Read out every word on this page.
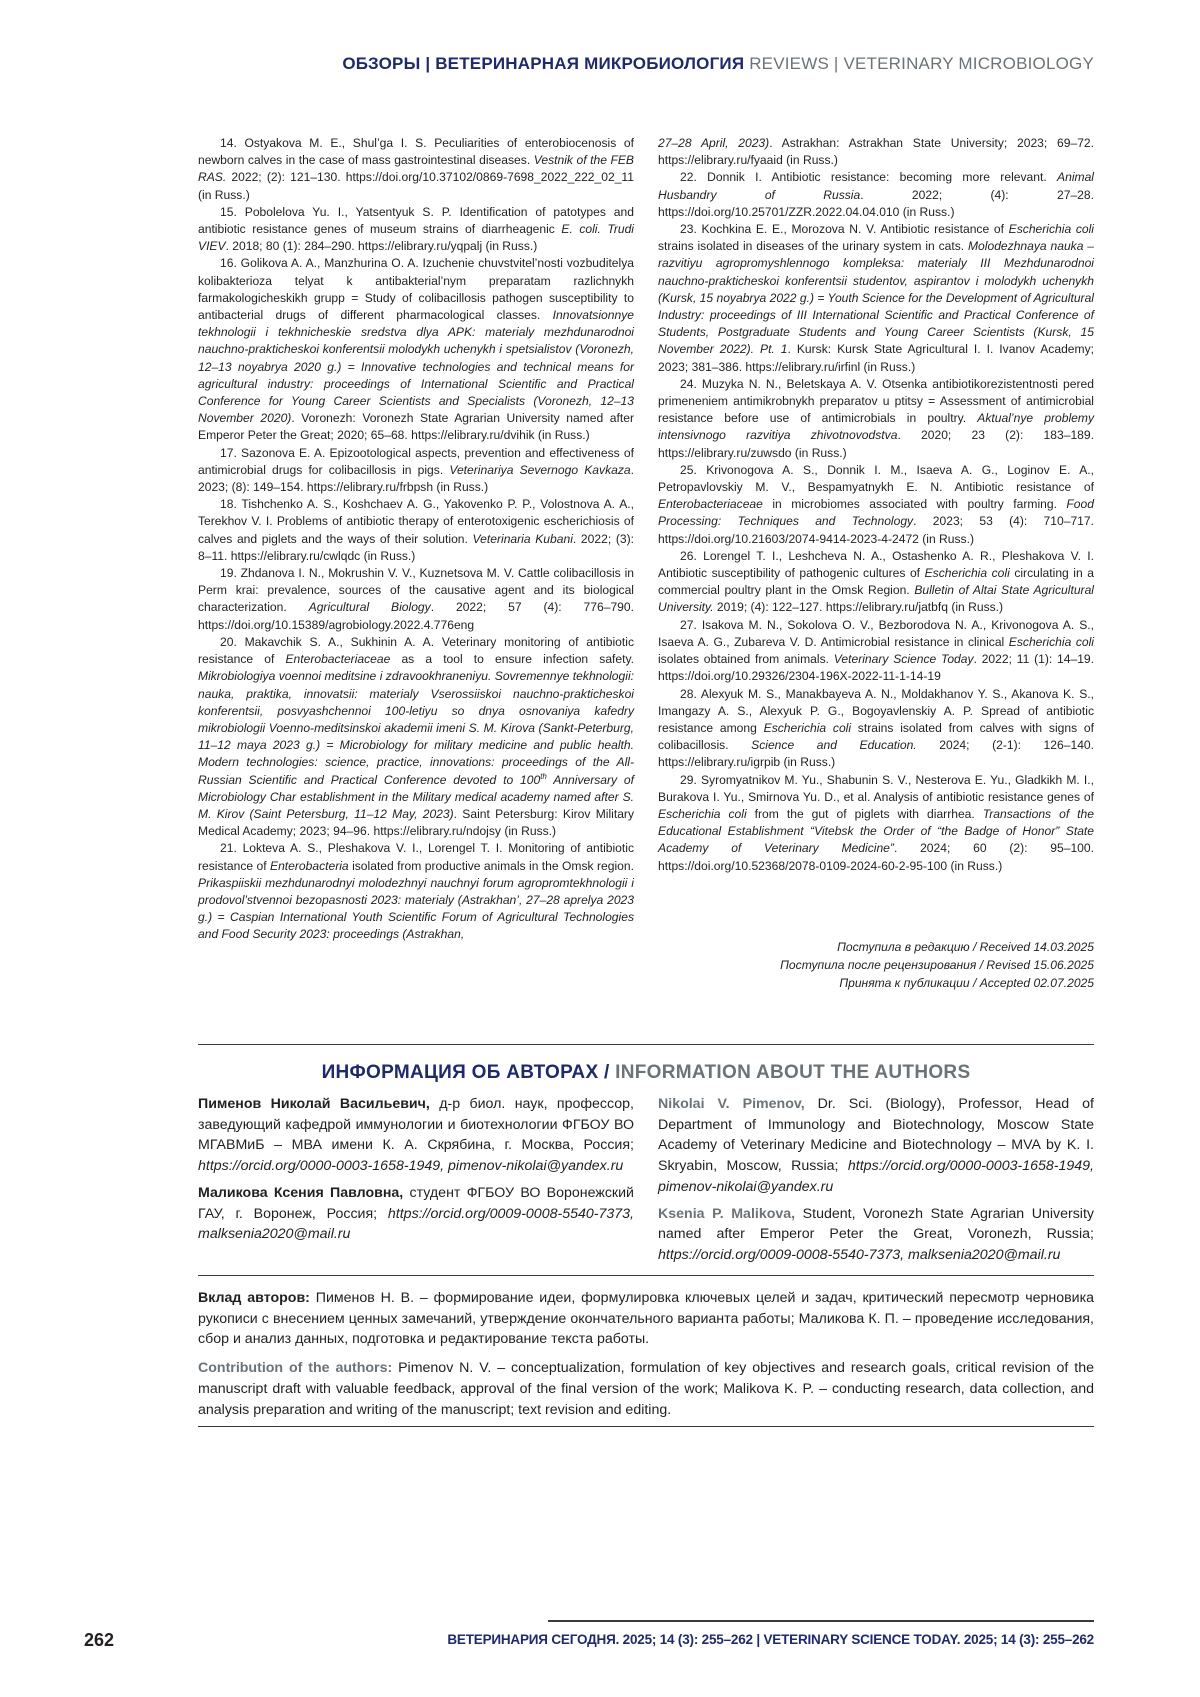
ОБЗОРЫ | ВЕТЕРИНАРНАЯ МИКРОБИОЛОГИЯ REVIEWS | VETERINARY MICROBIOLOGY

14. Ostyakova M. E., Shul’ga I. S. Peculiarities of enterobiocenosis of newborn calves in the case of mass gastrointestinal diseases. Vestnik of the FEB RAS. 2022; (2): 121–130. https://doi.org/10.37102/0869-7698_2022_222_02_11 (in Russ.)

15. Pobolelova Yu. I., Yatsentyuk S. P. Identification of patotypes and antibiotic resistance genes of museum strains of diarrheagenic E. coli. Trudi VIEV. 2018; 80 (1): 284–290. https://elibrary.ru/yqpalj (in Russ.)

16. Golikova A. A., Manzhurina O. A. Izuchenie chuvstvitel’nosti vozbuditelya kolibakterioza telyat k antibakterial’nym preparatam razlichnykh farmakologicheskikh grupp = Study of colibacillosis pathogen susceptibility to antibacterial drugs of different pharmacological classes. Innovatsionnye tekhnologii i tekhnicheskie sredstva dlya APK: materialy mezhdunarodnoi nauchno-prakticheskoi konferentsii molodykh uchenykh i spetsialistov (Voronezh, 12–13 noyabrya 2020 g.) = Innovative technologies and technical means for agricultural industry: proceedings of International Scientific and Practical Conference for Young Career Scientists and Specialists (Voronezh, 12–13 November 2020). Voronezh: Voronezh State Agrarian University named after Emperor Peter the Great; 2020; 65–68. https://elibrary.ru/dvihik (in Russ.)

17. Sazonova E. A. Epizootological aspects, prevention and effectiveness of antimicrobial drugs for colibacillosis in pigs. Veterinariya Severnogo Kavkaza. 2023; (8): 149–154. https://elibrary.ru/frbpsh (in Russ.)

18. Tishchenko A. S., Koshchaev A. G., Yakovenko P. P., Volostnova A. A., Terekhov V. I. Problems of antibiotic therapy of enterotoxigenic escherichiosis of calves and piglets and the ways of their solution. Veterinaria Kubani. 2022; (3): 8–11. https://elibrary.ru/cwlqdc (in Russ.)

19. Zhdanova I. N., Mokrushin V. V., Kuznetsova M. V. Cattle colibacillosis in Perm krai: prevalence, sources of the causative agent and its biological characterization. Agricultural Biology. 2022; 57 (4): 776–790. https://doi.org/10.15389/agrobiology.2022.4.776eng

20. Makavchik S. A., Sukhinin A. A. Veterinary monitoring of antibiotic resistance of Enterobacteriaceae as a tool to ensure infection safety. Mikrobiologiya voennoi meditsine i zdravookhraneniyu. Sovremennye tekhnologii: nauka, praktika, innovatsii: materialy Vserossiiskoi nauchno-prakticheskoi konferentsii, posvyashchennoi 100-letiyu so dnya osnovaniya kafedry mikrobiologii Voenno-meditsinskoi akademii imeni S. M. Kirova (Sankt-Peterburg, 11–12 maya 2023 g.) = Microbiology for military medicine and public health. Modern technologies: science, practice, innovations: proceedings of the All-Russian Scientific and Practical Conference devoted to 100th Anniversary of Microbiology Char establishment in the Military medical academy named after S. M. Kirov (Saint Petersburg, 11–12 May, 2023). Saint Petersburg: Kirov Military Medical Academy; 2023; 94–96. https://elibrary.ru/ndojsy (in Russ.)

21. Lokteva A. S., Pleshakova V. I., Lorengel T. I. Monitoring of antibiotic resistance of Enterobacteria isolated from productive animals in the Omsk region. Prikaspiiskii mezhdunarodnyi molodezhnyi nauchnyi forum agropromtekhnologii i prodovol’stvennoi bezopasnosti 2023: materialy (Astrakhan’, 27–28 aprelya 2023 g.) = Caspian International Youth Scientific Forum of Agricultural Technologies and Food Security 2023: proceedings (Astrakhan,

27–28 April, 2023). Astrakhan: Astrakhan State University; 2023; 69–72. https://elibrary.ru/fyaaid (in Russ.)

22. Donnik I. Antibiotic resistance: becoming more relevant. Animal Husbandry of Russia. 2022; (4): 27–28. https://doi.org/10.25701/ZZR.2022.04.04.010 (in Russ.)

23. Kochkina E. E., Morozova N. V. Antibiotic resistance of Escherichia coli strains isolated in diseases of the urinary system in cats. Molodezhnaya nauka – razvitiyu agropromyshlennogo kompleksa: materialy III Mezhdunarodnoi nauchno-prakticheskoi konferentsii studentov, aspirantov i molodykh uchenykh (Kursk, 15 noyabrya 2022 g.) = Youth Science for the Development of Agricultural Industry: proceedings of III International Scientific and Practical Conference of Students, Postgraduate Students and Young Career Scientists (Kursk, 15 November 2022). Pt. 1. Kursk: Kursk State Agricultural I. I. Ivanov Academy; 2023; 381–386. https://elibrary.ru/irfinl (in Russ.)

24. Muzyka N. N., Beletskaya A. V. Otsenka antibiotikorezistentnosti pered primeneniem antimikrobnykh preparatov u ptitsy = Assessment of antimicrobial resistance before use of antimicrobials in poultry. Aktual’nye problemy intensivnogo razvitiya zhivotnovodstva. 2020; 23 (2): 183–189. https://elibrary.ru/zuwsdo (in Russ.)

25. Krivonogova A. S., Donnik I. M., Isaeva A. G., Loginov E. A., Petropavlovskiy M. V., Bespamyatnykh E. N. Antibiotic resistance of Enterobacteriaceae in microbiomes associated with poultry farming. Food Processing: Techniques and Technology. 2023; 53 (4): 710–717. https://doi.org/10.21603/2074-9414-2023-4-2472 (in Russ.)

26. Lorengel T. I., Leshcheva N. A., Ostashenko A. R., Pleshakova V. I. Antibiotic susceptibility of pathogenic cultures of Escherichia coli circulating in a commercial poultry plant in the Omsk Region. Bulletin of Altai State Agricultural University. 2019; (4): 122–127. https://elibrary.ru/jatbfq (in Russ.)

27. Isakova M. N., Sokolova O. V., Bezborodova N. A., Krivonogova A. S., Isaeva A. G., Zubareva V. D. Antimicrobial resistance in clinical Escherichia coli isolates obtained from animals. Veterinary Science Today. 2022; 11 (1): 14–19. https://doi.org/10.29326/2304-196X-2022-11-1-14-19

28. Alexyuk M. S., Manakbayeva A. N., Moldakhanov Y. S., Akanova K. S., Imangazy A. S., Alexyuk P. G., Bogoyavlenskiy A. P. Spread of antibiotic resistance among Escherichia coli strains isolated from calves with signs of colibacillosis. Science and Education. 2024; (2-1): 126–140. https://elibrary.ru/igrpib (in Russ.)

29. Syromyatnikov M. Yu., Shabunin S. V., Nesterova E. Yu., Gladkikh M. I., Burakova I. Yu., Smirnova Yu. D., et al. Analysis of antibiotic resistance genes of Escherichia coli from the gut of piglets with diarrhea. Transactions of the Educational Establishment “Vitebsk the Order of “the Badge of Honor” State Academy of Veterinary Medicine”. 2024; 60 (2): 95–100. https://doi.org/10.52368/2078-0109-2024-60-2-95-100 (in Russ.)

Поступила в редакцию / Received 14.03.2025
Поступила после рецензирования / Revised 15.06.2025
Принята к публикации / Accepted 02.07.2025
ИНФОРМАЦИЯ ОБ АВТОРАХ / INFORMATION ABOUT THE AUTHORS

Пименов Николай Васильевич, д-р биол. наук, профессор, заведующий кафедрой иммунологии и биотехнологии ФГБОУ ВО МГАВМиБ – МВА имени К. А. Скрябина, г. Москва, Россия; https://orcid.org/0000-0003-1658-1949, pimenov-nikolai@yandex.ru

Маликова Ксения Павловна, студент ФГБОУ ВО Воронежский ГАУ, г. Воронеж, Россия; https://orcid.org/0009-0008-5540-7373, malksenia2020@mail.ru

Nikolai V. Pimenov, Dr. Sci. (Biology), Professor, Head of Department of Immunology and Biotechnology, Moscow State Academy of Veterinary Medicine and Biotechnology – MVA by K. I. Skryabin, Moscow, Russia; https://orcid.org/0000-0003-1658-1949, pimenov-nikolai@yandex.ru

Ksenia P. Malikova, Student, Voronezh State Agrarian University named after Emperor Peter the Great, Voronezh, Russia; https://orcid.org/0009-0008-5540-7373, malksenia2020@mail.ru

Вклад авторов: Пименов Н. В. – формирование идеи, формулировка ключевых целей и задач, критический пересмотр черновика рукописи с внесением ценных замечаний, утверждение окончательного варианта работы; Маликова К. П. – проведение исследования, сбор и анализ данных, подготовка и редактирование текста работы.

Contribution of the authors: Pimenov N. V. – conceptualization, formulation of key objectives and research goals, critical revision of the manuscript draft with valuable feedback, approval of the final version of the work; Malikova K. P. – conducting research, data collection, and analysis preparation and writing of the manuscript; text revision and editing.

262	ВЕТЕРИНАРИЯ СЕГОДНЯ. 2025; 14 (3): 255–262 | VETERINARY SCIENCE TODAY. 2025; 14 (3): 255–262
